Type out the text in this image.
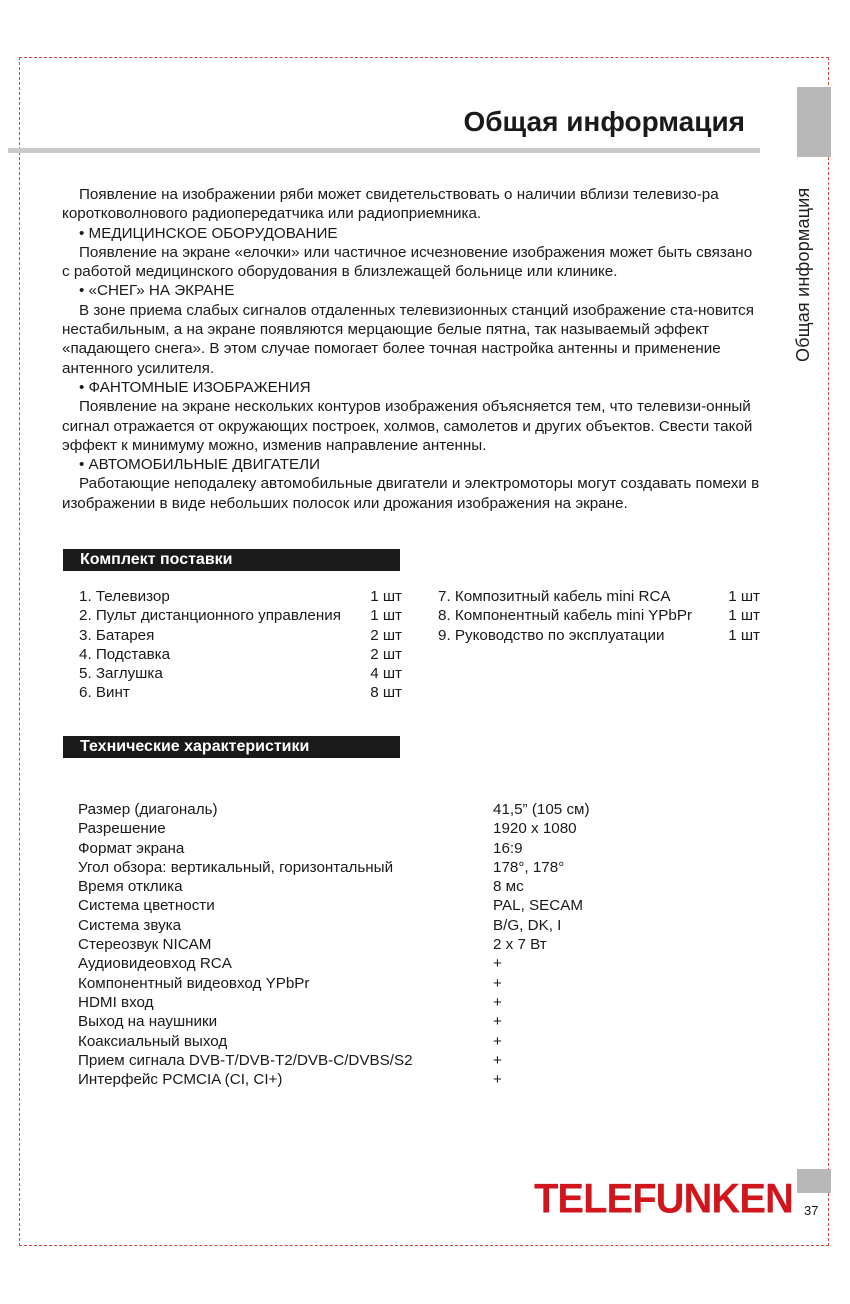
Общая информация
Общая информация

Появление на изображении ряби может свидетельствовать о наличии вблизи телевизо-ра коротковолнового радиопередатчика или радиоприемника.

• МЕДИЦИНСКОЕ ОБОРУДОВАНИЕ

Появление на экране «елочки» или частичное исчезновение изображения может быть связано с работой медицинского оборудования в близлежащей больнице или клинике.

• «СНЕГ» НА ЭКРАНЕ

В зоне приема слабых сигналов отдаленных телевизионных станций изображение ста-новится нестабильным, а на экране появляются мерцающие белые пятна, так называемый эффект «падающего снега». В этом случае помогает более точная настройка антенны и применение антенного усилителя.

• ФАНТОМНЫЕ ИЗОБРАЖЕНИЯ

Появление на экране нескольких контуров изображения объясняется тем, что телевизи-онный сигнал отражается от окружающих построек, холмов, самолетов и других объектов. Свести такой эффект к минимуму можно, изменив направление антенны.

• АВТОМОБИЛЬНЫЕ ДВИГАТЕЛИ

Работающие неподалеку автомобильные двигатели и электромоторы могут создавать помехи в изображении в виде небольших полосок или дрожания изображения на экране.

Комплект поставки
1. Телевизор	1 шт
2. Пульт дистанционного управления 1 шт
3. Батарея	2 шт
4. Подставка	2 шт
5. Заглушка	4 шт
6. Винт	8 шт
7. Композитный кабель mini RCA	1 шт
8. Компонентный кабель mini YPbPr 1 шт
9. Руководство по эксплуатации	1 шт
Технические характеристики
Размер (диагональ)	41,5” (105 см)
Разрешение	1920 х 1080
Формат экрана	16:9
Угол обзора: вертикальный, горизонтальный	178°, 178°
Время отклика	8 мс
Система цветности	PAL, SECAM
Система звука	B/G, DK, I
Стереозвук NICAM	2 х 7 Вт
Аудиовидеовход RCA	+
Компонентный видеовход YPbPr	+
HDMI вход	+
Выход на наушники	+
Коаксиальный выход	+
Прием сигнала DVB-T/DVB-T2/DVB-C/DVBS/S2	+
Интерфейс PCMCIA (CI, CI+)	+
TELEFUNKEN 37
